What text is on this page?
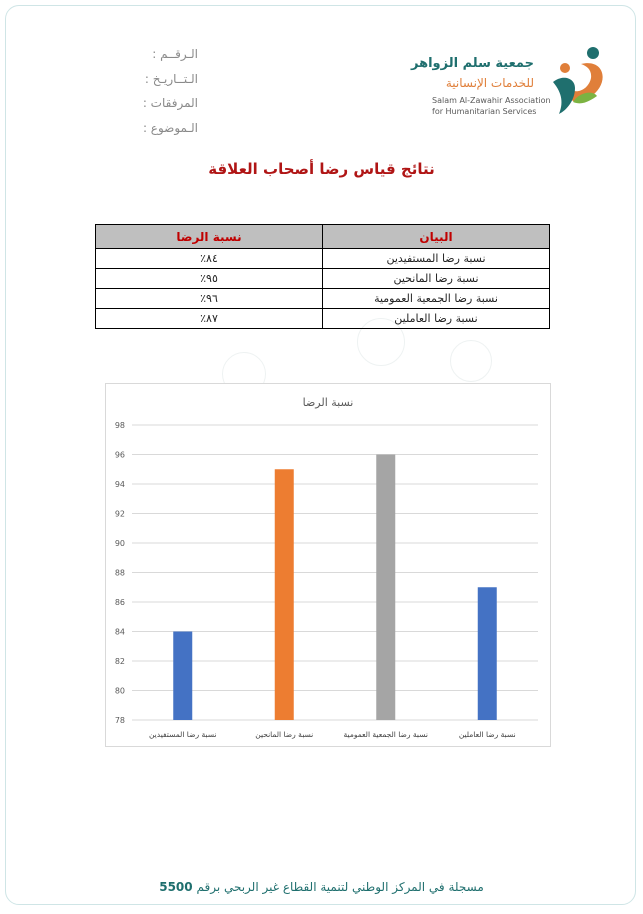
الـرقــم :
الـتــاريـخ :
المرفقات :
الـموضوع :
جمعية سلم الزواهر
للخدمات الإنسانية
Salam Al-Zawahir Association
for Humanitarian Services
نتائج قياس رضا أصحاب العلاقة
البيان	نسبة الرضا
نسبة رضا المستفيدين	٨٤٪
نسبة رضا المانحين	٩٥٪
نسبة رضا الجمعية العمومية	٩٦٪
نسبة رضا العاملين	٨٧٪
نسبة الرضا
78
80
82
84
86
88
90
92
94
96
98
نسبة رضا المستفيدين	نسبة رضا المانحين	نسبة رضا الجمعية العمومية	نسبة رضا العاملين
مسجلة في المركز الوطني لتنمية القطاع غير الربحي برقم 5500
